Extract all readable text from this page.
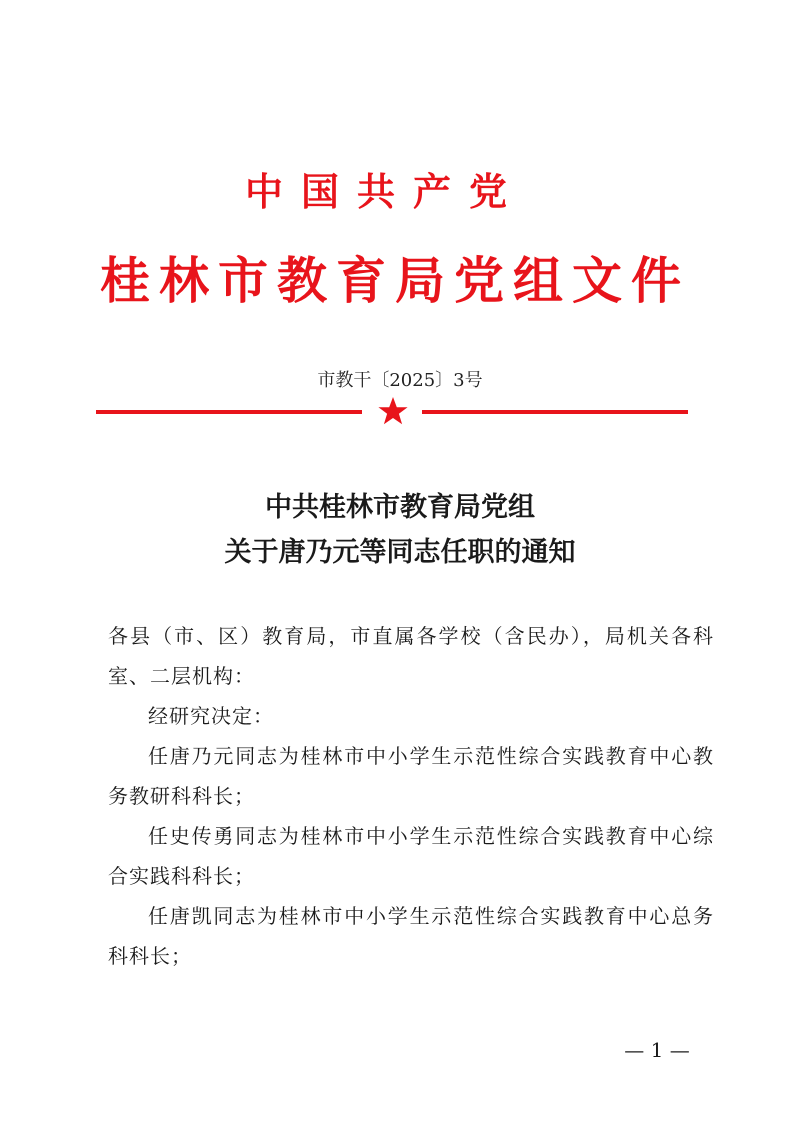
中国共产党
桂林市教育局党组文件
市教干〔2025〕3号
中共桂林市教育局党组
关于唐乃元等同志任职的通知
各县（市、区）教育局，市直属各学校（含民办），局机关各科室、二层机构：
经研究决定：
任唐乃元同志为桂林市中小学生示范性综合实践教育中心教务教研科科长；
任史传勇同志为桂林市中小学生示范性综合实践教育中心综合实践科科长；
任唐凯同志为桂林市中小学生示范性综合实践教育中心总务科科长；
— 1 —
